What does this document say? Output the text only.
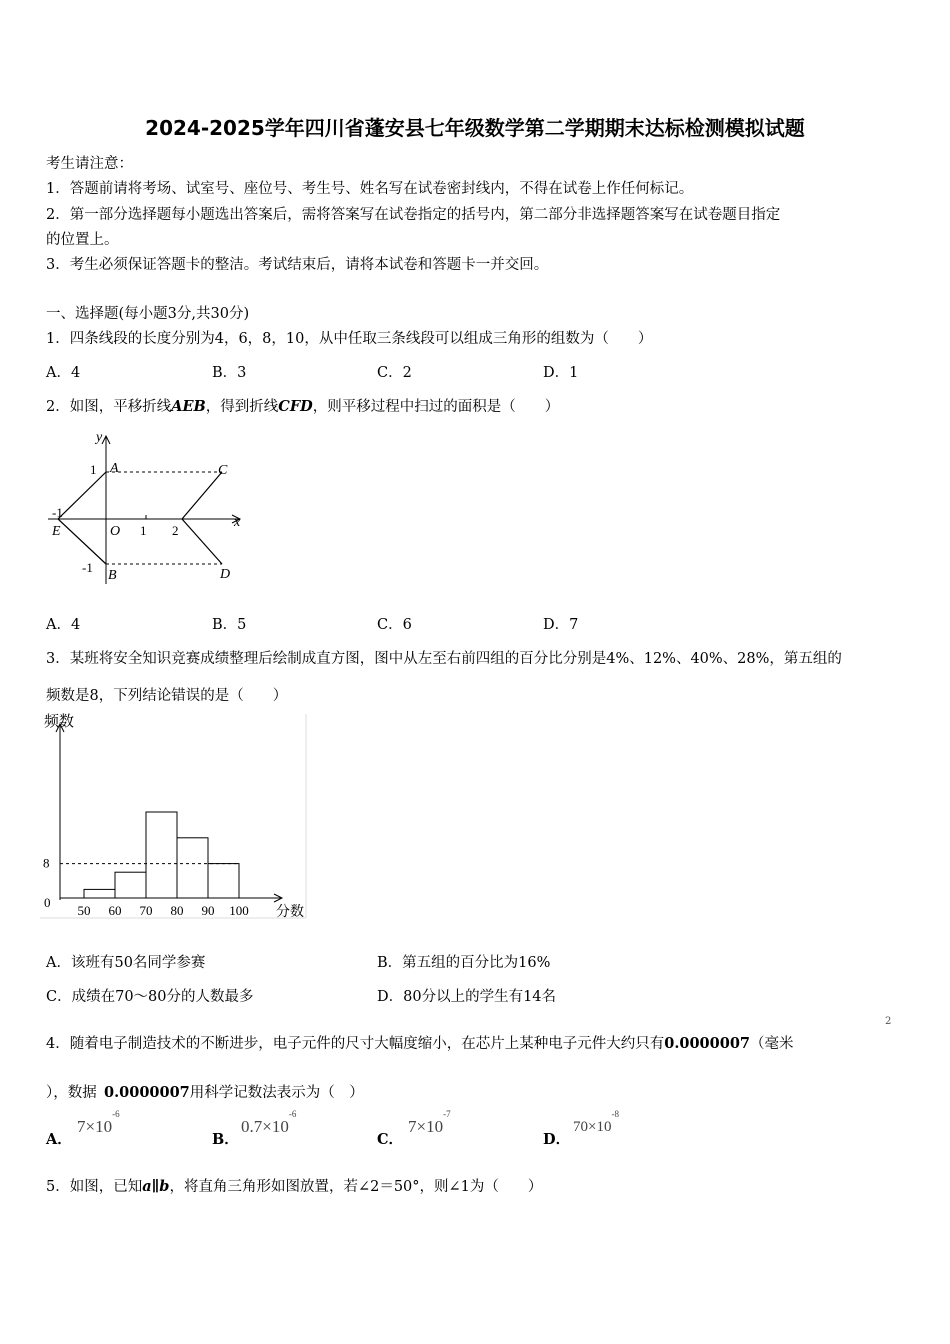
2024-2025学年四川省蓬安县七年级数学第二学期期末达标检测模拟试题
考生请注意：
1．答题前请将考场、试室号、座位号、考生号、姓名写在试卷密封线内，不得在试卷上作任何标记。
2．第一部分选择题每小题选出答案后，需将答案写在试卷指定的括号内，第二部分非选择题答案写在试卷题目指定
的位置上。
3．考生必须保证答题卡的整洁。考试结束后，请将本试卷和答题卡一并交回。
一、选择题(每小题3分,共30分)
1．四条线段的长度分别为4，6，8，10，从中任取三条线段可以组成三角形的组数为（　　）
A．4	B．3	C．2	D．1
2．如图，平移折线AEB，得到折线CFD，则平移过程中扫过的面积是（　　）
y
x
1 A	C
-1
E	O 1 2
-1
B	D
A．4	B．5	C．6	D．7
3．某班将安全知识竞赛成绩整理后绘制成直方图，图中从左至右前四组的百分比分别是4%、12%、40%、28%，第五组的
频数是8，下列结论错误的是（　　）
50 60 70 80 90 100
8
0
频数
分数
A．该班有50名同学参赛	B．第五组的百分比为16%
C．成绩在70～80分的人数最多	D．80分以上的学生有14名
4．随着电子制造技术的不断进步，电子元件的尺寸大幅度缩小，在芯片上某种电子元件大约只有0.0000007（毫米
2
），数据  0.0000007用科学记数法表示为（　）
A．
$7\times 10^{-6}$
B．
$0.7\times 10^{-6}$
C．
$7\times 10^{-7}$
D．
$70\times 10^{-8}$
5．如图，已知a∥b，将直角三角形如图放置，若∠2＝50°，则∠1为（　　）
